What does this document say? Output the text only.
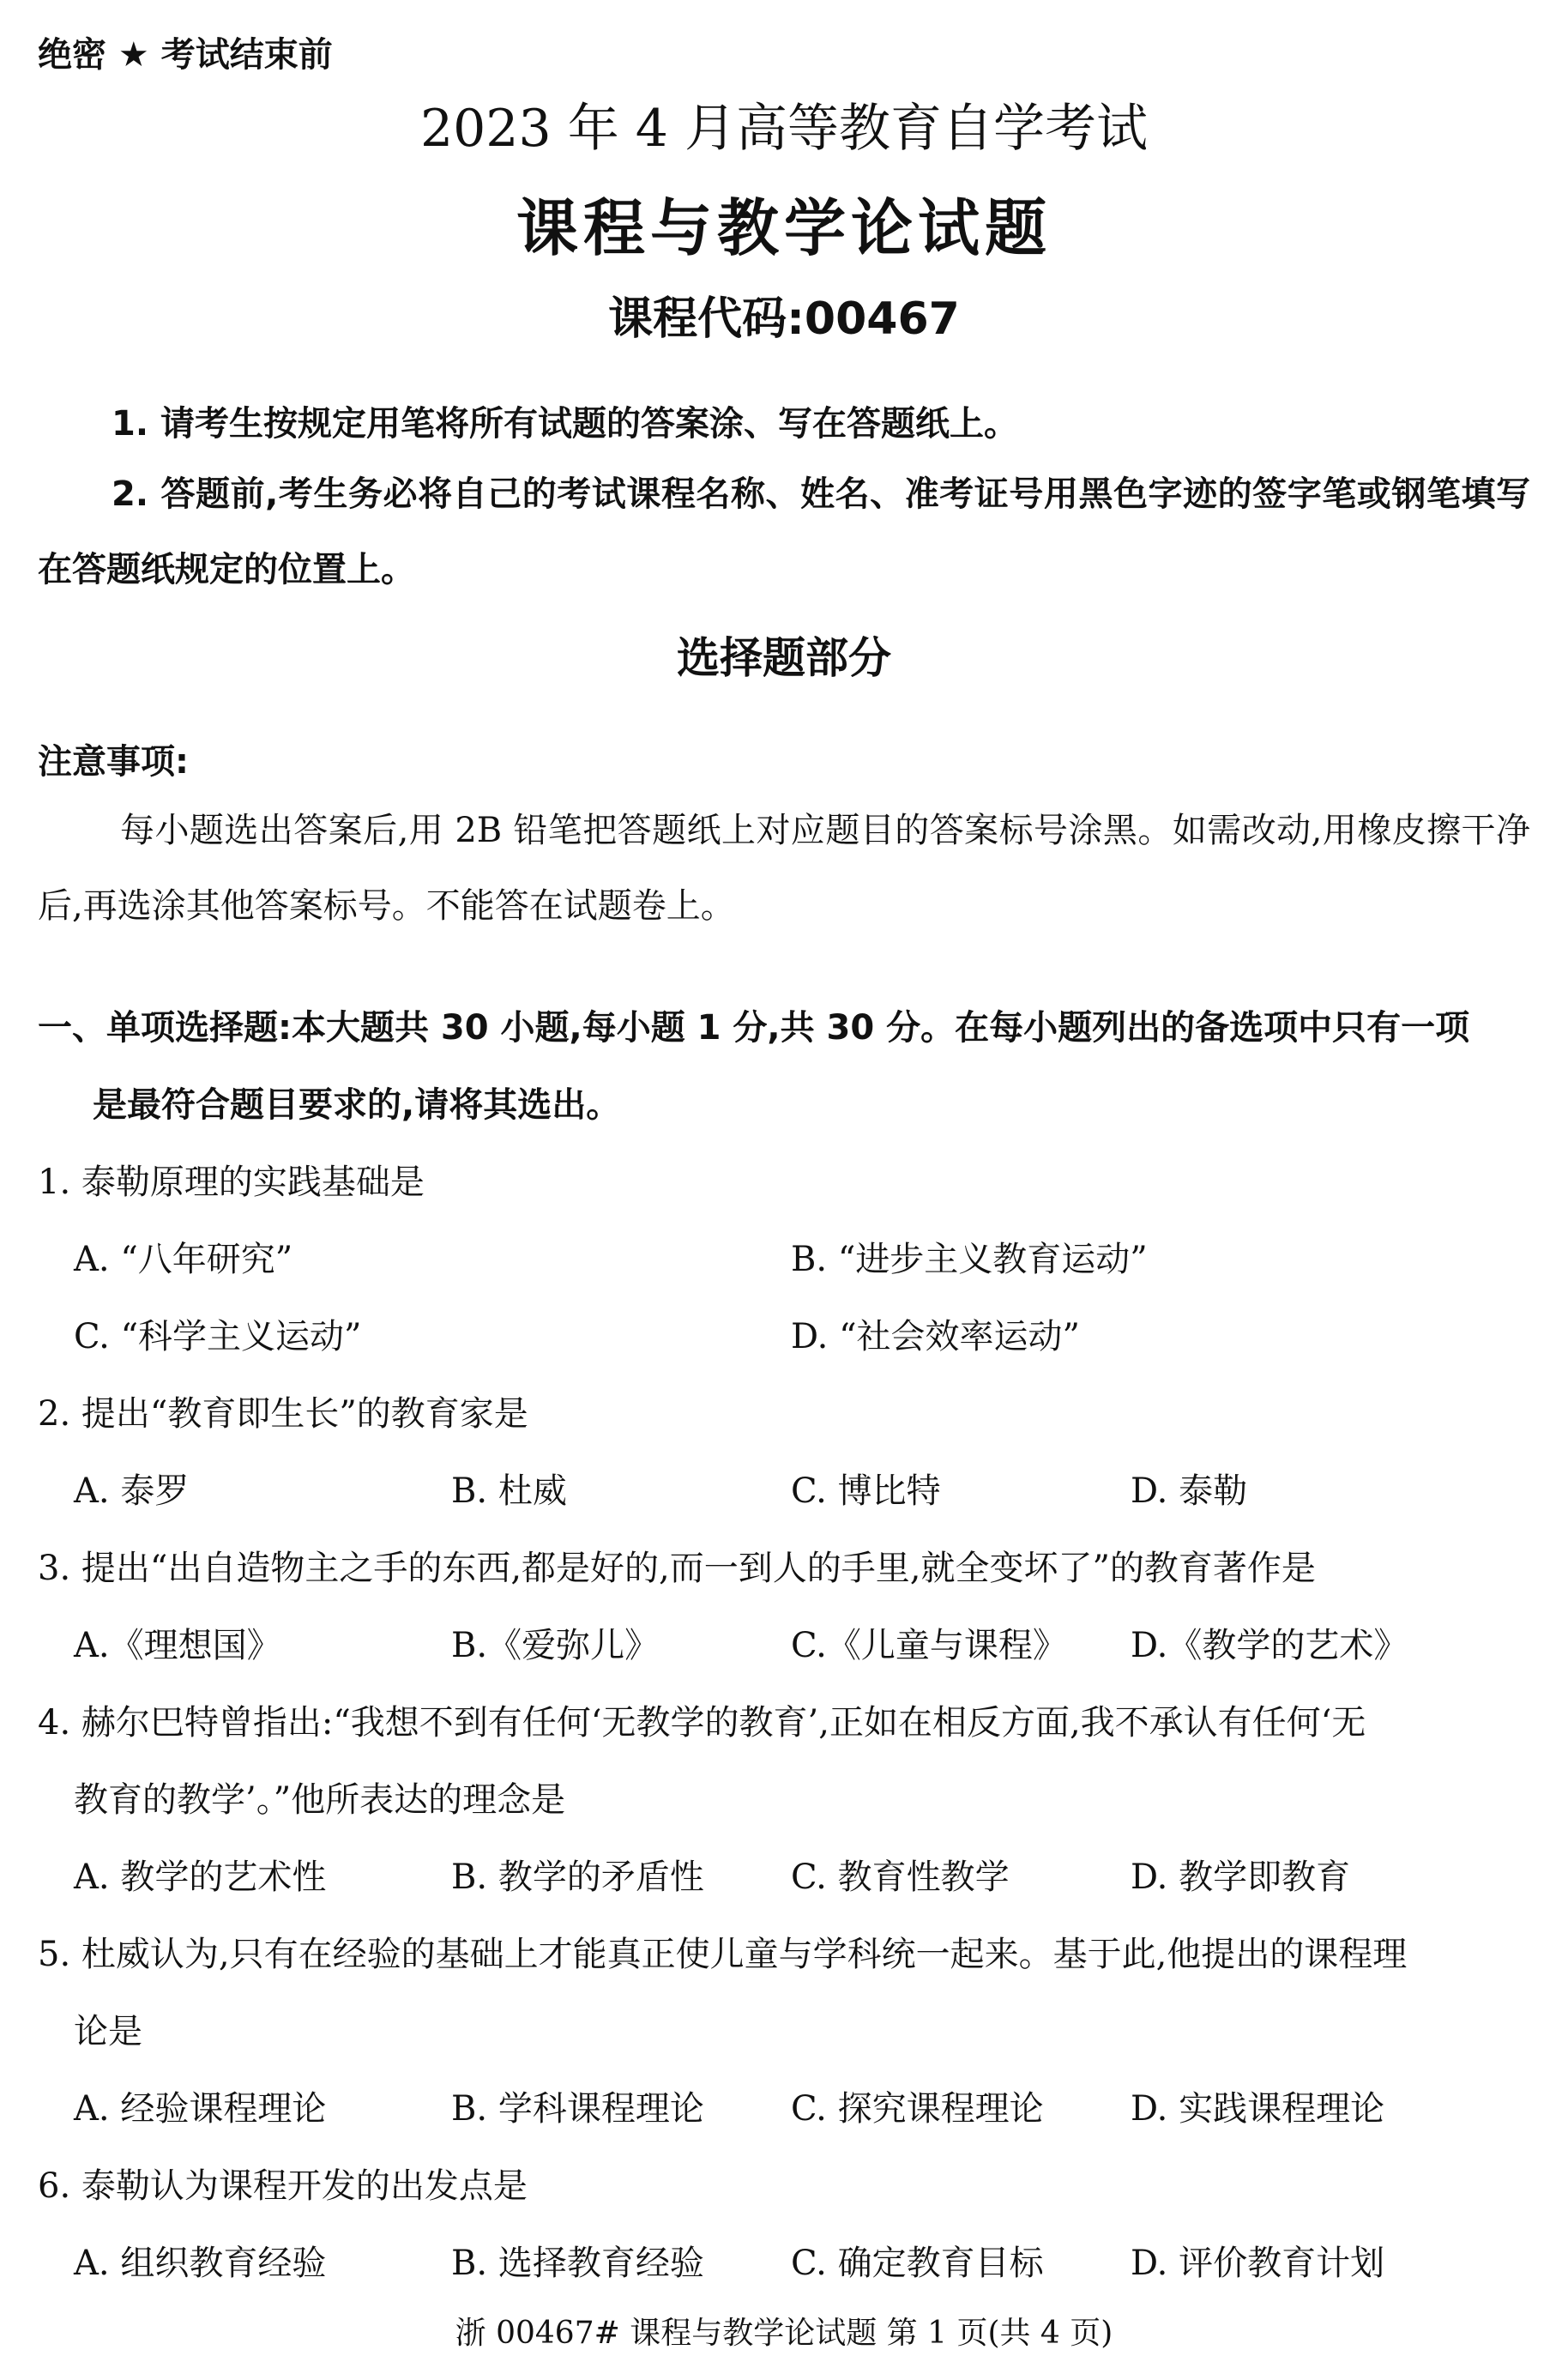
绝密 ★ 考试结束前
2023 年 4 月高等教育自学考试
课程与教学论试题
课程代码:00467
1. 请考生按规定用笔将所有试题的答案涂、写在答题纸上。
2. 答题前,考生务必将自己的考试课程名称、姓名、准考证号用黑色字迹的签字笔或钢笔填写在答题纸规定的位置上。
选择题部分
注意事项:
每小题选出答案后,用 2B 铅笔把答题纸上对应题目的答案标号涂黑。如需改动,用橡皮擦干净后,再选涂其他答案标号。不能答在试题卷上。
一、单项选择题:本大题共 30 小题,每小题 1 分,共 30 分。在每小题列出的备选项中只有一项
是最符合题目要求的,请将其选出。
1. 泰勒原理的实践基础是
A. “八年研究”	B. “进步主义教育运动”
C. “科学主义运动”	D. “社会效率运动”
2. 提出“教育即生长”的教育家是
A. 泰罗	B. 杜威	C. 博比特	D. 泰勒
3. 提出“出自造物主之手的东西,都是好的,而一到人的手里,就全变坏了”的教育著作是
A.《理想国》	B.《爱弥儿》	C.《儿童与课程》 D.《教学的艺术》
4. 赫尔巴特曾指出:“我想不到有任何‘无教学的教育’,正如在相反方面,我不承认有任何‘无
教育的教学’。”他所表达的理念是
A. 教学的艺术性	B. 教学的矛盾性	C. 教育性教学	D. 教学即教育
5. 杜威认为,只有在经验的基础上才能真正使儿童与学科统一起来。基于此,他提出的课程理
论是
A. 经验课程理论	B. 学科课程理论	C. 探究课程理论	D. 实践课程理论
6. 泰勒认为课程开发的出发点是
A. 组织教育经验	B. 选择教育经验	C. 确定教育目标	D. 评价教育计划
浙 00467# 课程与教学论试题 第 1 页(共 4 页)
